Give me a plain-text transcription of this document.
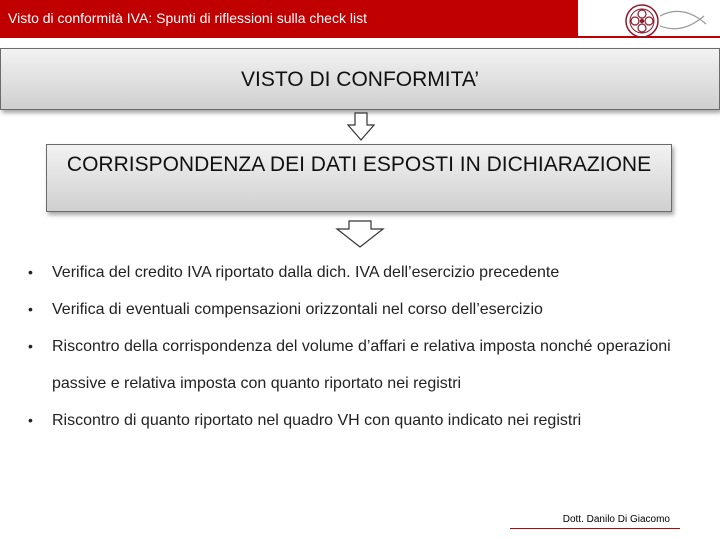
Visto di conformità IVA: Spunti di riflessioni sulla check list
VISTO DI CONFORMITA’
CORRISPONDENZA DEI DATI ESPOSTI IN DICHIARAZIONE
• Verifica del credito IVA riportato dalla dich. IVA dell’esercizio precedente
• Verifica di eventuali compensazioni orizzontali nel corso dell’esercizio
• Riscontro della corrispondenza del volume d’affari e relativa imposta nonché operazioni passive e relativa imposta con quanto riportato nei registri
• Riscontro di quanto riportato nel quadro VH con quanto indicato nei registri
Dott. Danilo Di Giacomo
